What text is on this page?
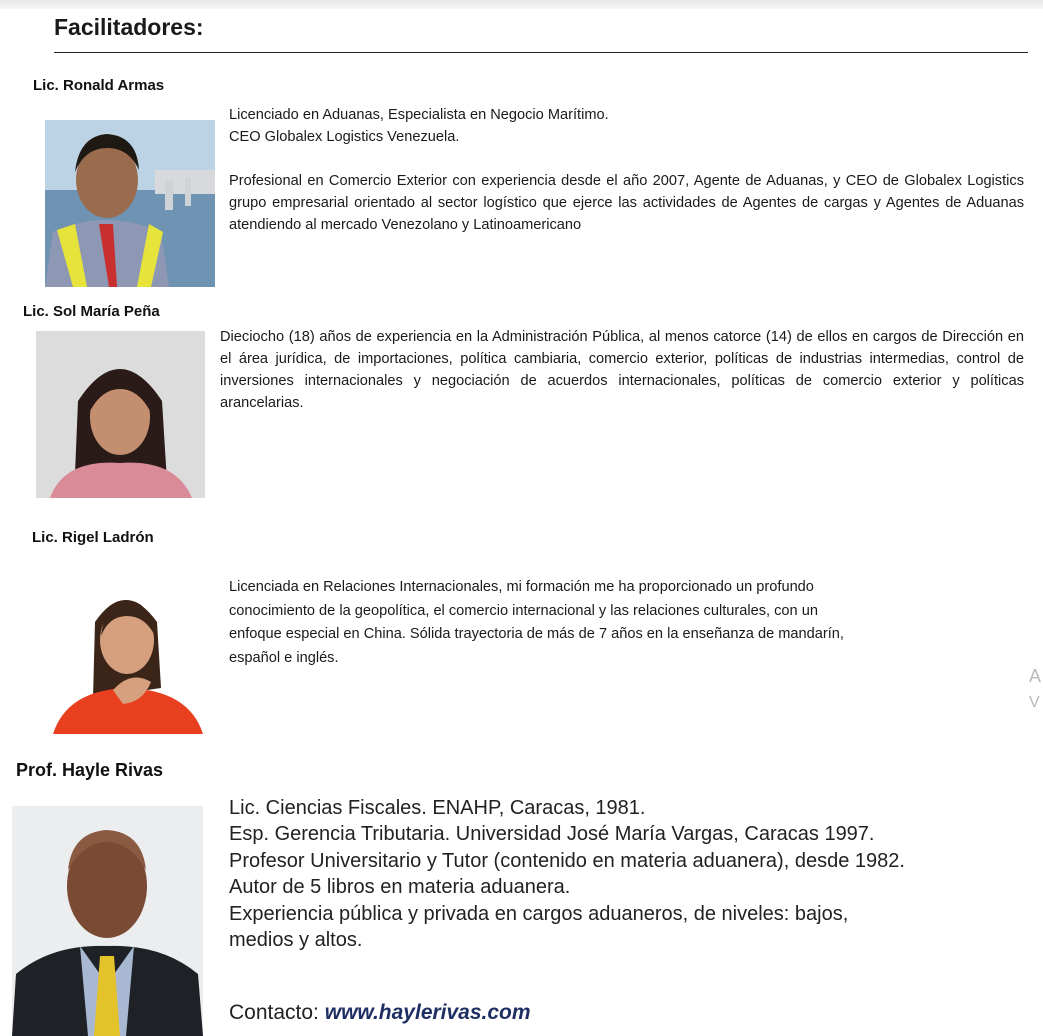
Facilitadores:
Lic. Ronald Armas

Licenciado en Aduanas, Especialista en Negocio Marítimo.

CEO Globalex Logistics Venezuela.

Profesional en Comercio Exterior con experiencia desde el año 2007, Agente de Aduanas, y CEO de Globalex Logistics grupo empresarial orientado al sector logístico que ejerce las actividades de Agentes de cargas y Agentes de Aduanas atendiendo al mercado Venezolano y Latinoamericano

Lic. Sol María Peña

Dieciocho (18) años de experiencia en la Administración Pública, al menos catorce (14) de ellos en cargos de Dirección en el área jurídica, de importaciones, política cambiaria, comercio exterior, políticas de industrias intermedias, control de inversiones internacionales y negociación de acuerdos internacionales, políticas de comercio exterior y políticas arancelarias.

Lic. Rigel Ladrón

Licenciada en Relaciones Internacionales, mi formación me ha proporcionado un profundo

conocimiento de la geopolítica, el comercio internacional y las relaciones culturales, con un

enfoque especial en China. Sólida trayectoria de más de 7 años en la enseñanza de mandarín,

español e inglés.

A
V
Prof. Hayle Rivas

Lic. Ciencias Fiscales. ENAHP, Caracas, 1981.

Esp. Gerencia Tributaria. Universidad José María Vargas, Caracas 1997.

Profesor Universitario y Tutor (contenido en materia aduanera), desde 1982.

Autor de 5 libros en materia aduanera.

Experiencia pública y privada en cargos aduaneros, de niveles: bajos,

medios y altos.

Contacto: www.haylerivas.com
